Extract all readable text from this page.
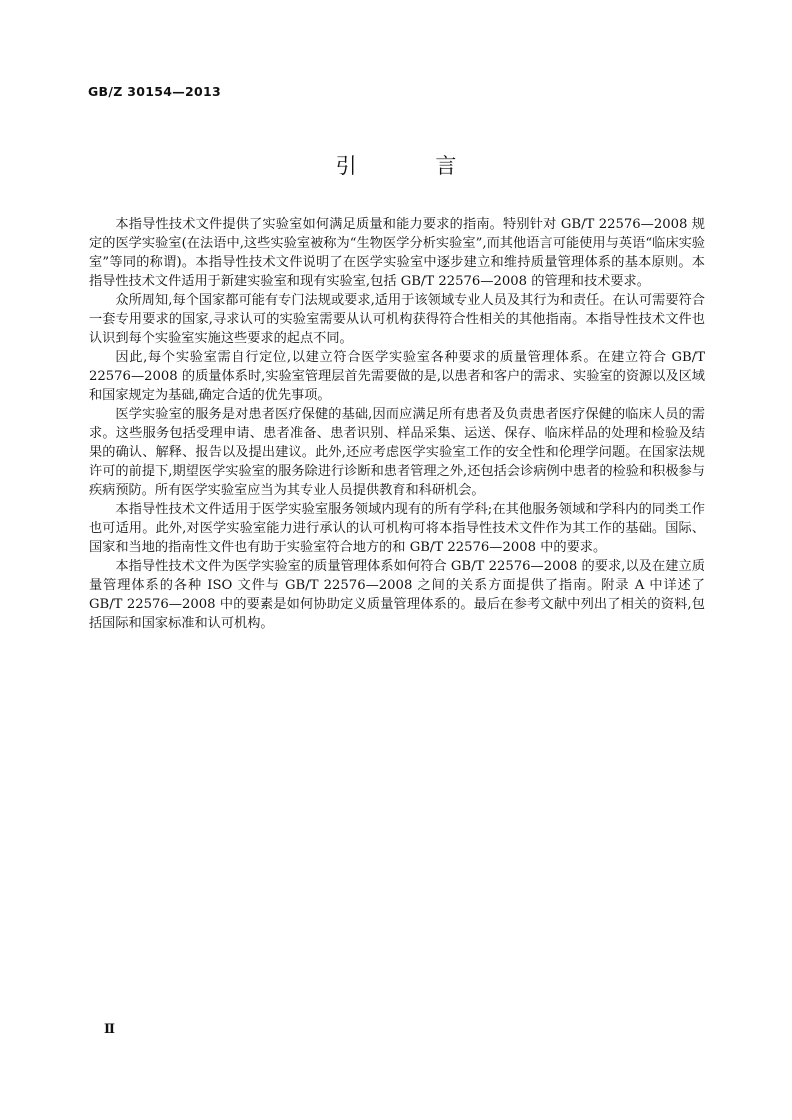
GB/Z 30154—2013
引 言

本指导性技术文件提供了实验室如何满足质量和能力要求的指南。特别针对 GB/T 22576—2008 规定的医学实验室(在法语中,这些实验室被称为“生物医学分析实验室”,而其他语言可能使用与英语“临床实验室”等同的称谓)。本指导性技术文件说明了在医学实验室中逐步建立和维持质量管理体系的基本原则。本指导性技术文件适用于新建实验室和现有实验室,包括 GB/T 22576—2008 的管理和技术要求。

众所周知,每个国家都可能有专门法规或要求,适用于该领域专业人员及其行为和责任。在认可需要符合一套专用要求的国家,寻求认可的实验室需要从认可机构获得符合性相关的其他指南。本指导性技术文件也认识到每个实验室实施这些要求的起点不同。

因此,每个实验室需自行定位,以建立符合医学实验室各种要求的质量管理体系。在建立符合 GB/T 22576—2008 的质量体系时,实验室管理层首先需要做的是,以患者和客户的需求、实验室的资源以及区域和国家规定为基础,确定合适的优先事项。

医学实验室的服务是对患者医疗保健的基础,因而应满足所有患者及负责患者医疗保健的临床人员的需求。这些服务包括受理申请、患者准备、患者识别、样品采集、运送、保存、临床样品的处理和检验及结果的确认、解释、报告以及提出建议。此外,还应考虑医学实验室工作的安全性和伦理学问题。在国家法规许可的前提下,期望医学实验室的服务除进行诊断和患者管理之外,还包括会诊病例中患者的检验和积极参与疾病预防。所有医学实验室应当为其专业人员提供教育和科研机会。

本指导性技术文件适用于医学实验室服务领域内现有的所有学科;在其他服务领域和学科内的同类工作也可适用。此外,对医学实验室能力进行承认的认可机构可将本指导性技术文件作为其工作的基础。国际、国家和当地的指南性文件也有助于实验室符合地方的和 GB/T 22576—2008 中的要求。

本指导性技术文件为医学实验室的质量管理体系如何符合 GB/T 22576—2008 的要求,以及在建立质量管理体系的各种 ISO 文件与 GB/T 22576—2008 之间的关系方面提供了指南。附录 A 中详述了 GB/T 22576—2008 中的要素是如何协助定义质量管理体系的。最后在参考文献中列出了相关的资料,包括国际和国家标准和认可机构。

Ⅱ
